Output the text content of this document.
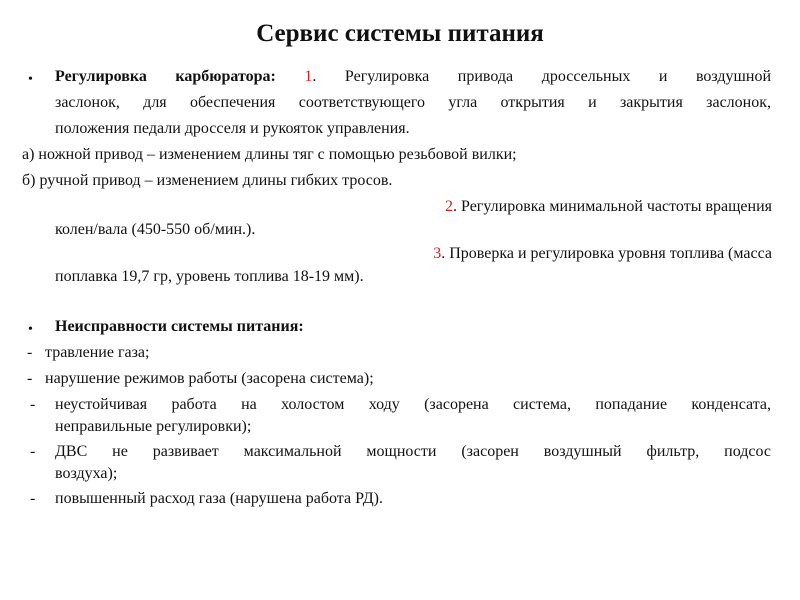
Сервис системы питания
• Регулировка карбюратора: 1. Регулировка привода дроссельных и воздушной
заслонок, для обеспечения соответствующего угла открытия и закрытия заслонок,
положения педали дросселя и рукояток управления.
а) ножной привод – изменением длины тяг с помощью резьбовой вилки;
б) ручной привод – изменением длины гибких тросов.
2. Регулировка минимальной частоты вращения
колен/вала (450-550 об/мин.).
3. Проверка и регулировка уровня топлива (масса
поплавка 19,7 гр, уровень топлива 18-19 мм).
• Неисправности системы питания:
- травление газа;
- нарушение режимов работы (засорена система);
- неустойчивая работа на холостом ходу (засорена система, попадание конденсата,
неправильные регулировки);
- ДВС не развивает максимальной мощности (засорен воздушный фильтр, подсос
воздуха);
- повышенный расход газа (нарушена работа РД).
